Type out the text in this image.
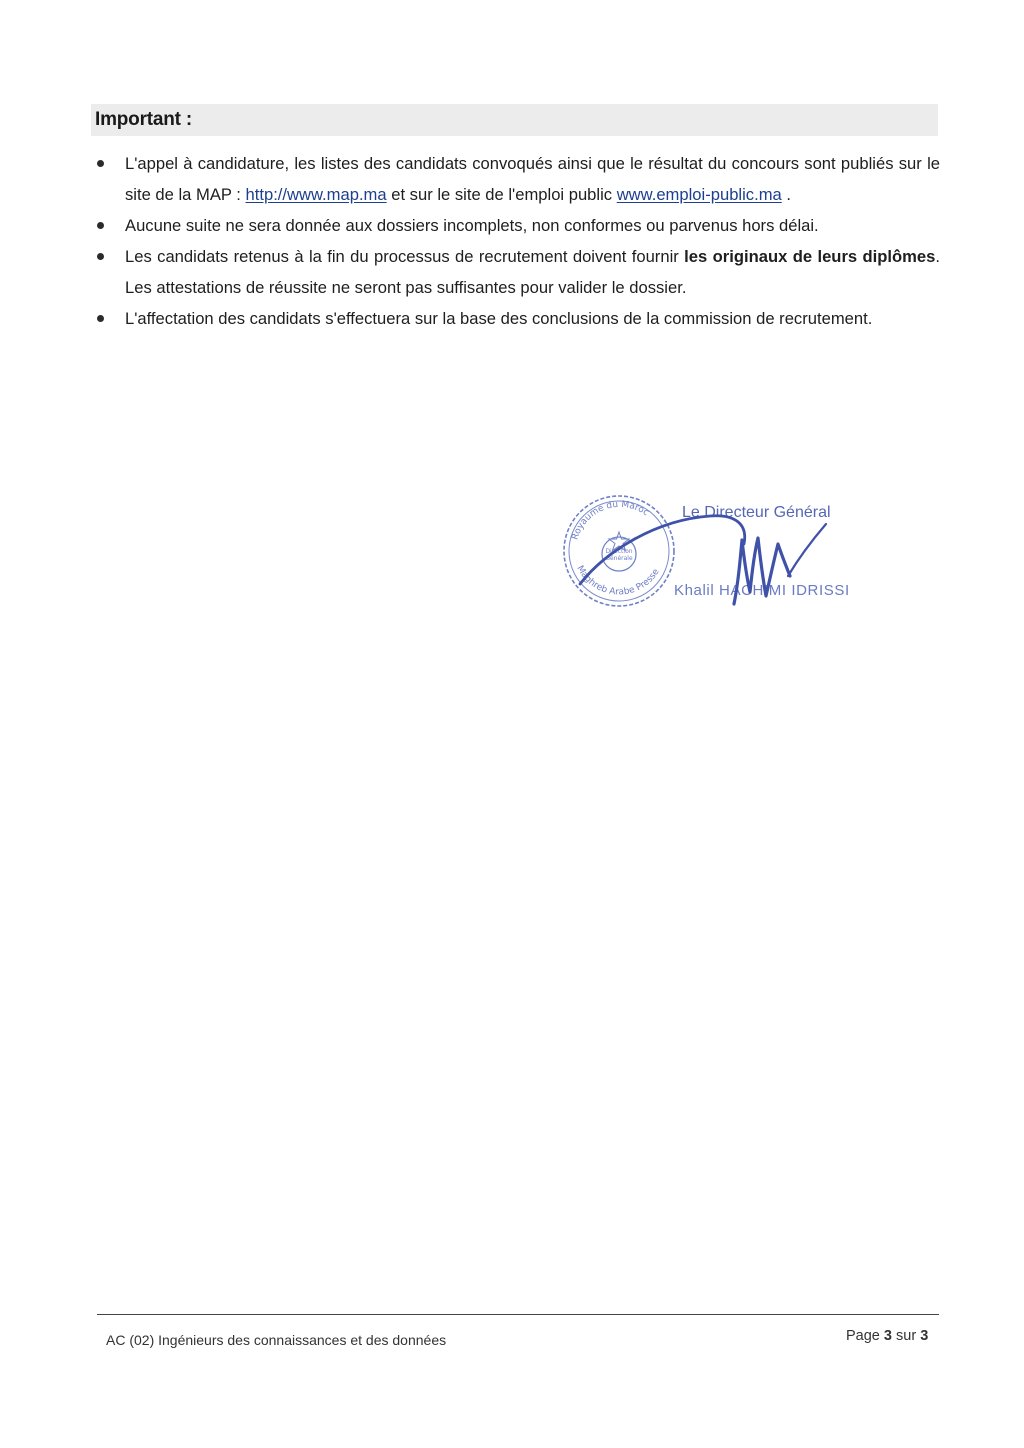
Important :
L'appel à candidature, les listes des candidats convoqués ainsi que le résultat du concours sont publiés sur le site de la MAP : http://www.map.ma et sur le site de l'emploi public www.emploi-public.ma .
Aucune suite ne sera donnée aux dossiers incomplets, non conformes ou parvenus hors délai.
Les candidats retenus à la fin du processus de recrutement doivent fournir les originaux de leurs diplômes. Les attestations de réussite ne seront pas suffisantes pour valider le dossier.
L'affectation des candidats s'effectuera sur la base des conclusions de la commission de recrutement.
Royaume du Maroc
Maghreb Arabe Presse
Direction
Générale
Le Directeur Général
Khalil HACHIMI IDRISSI
AC (02) Ingénieurs des connaissances et des données	Page 3 sur 3
